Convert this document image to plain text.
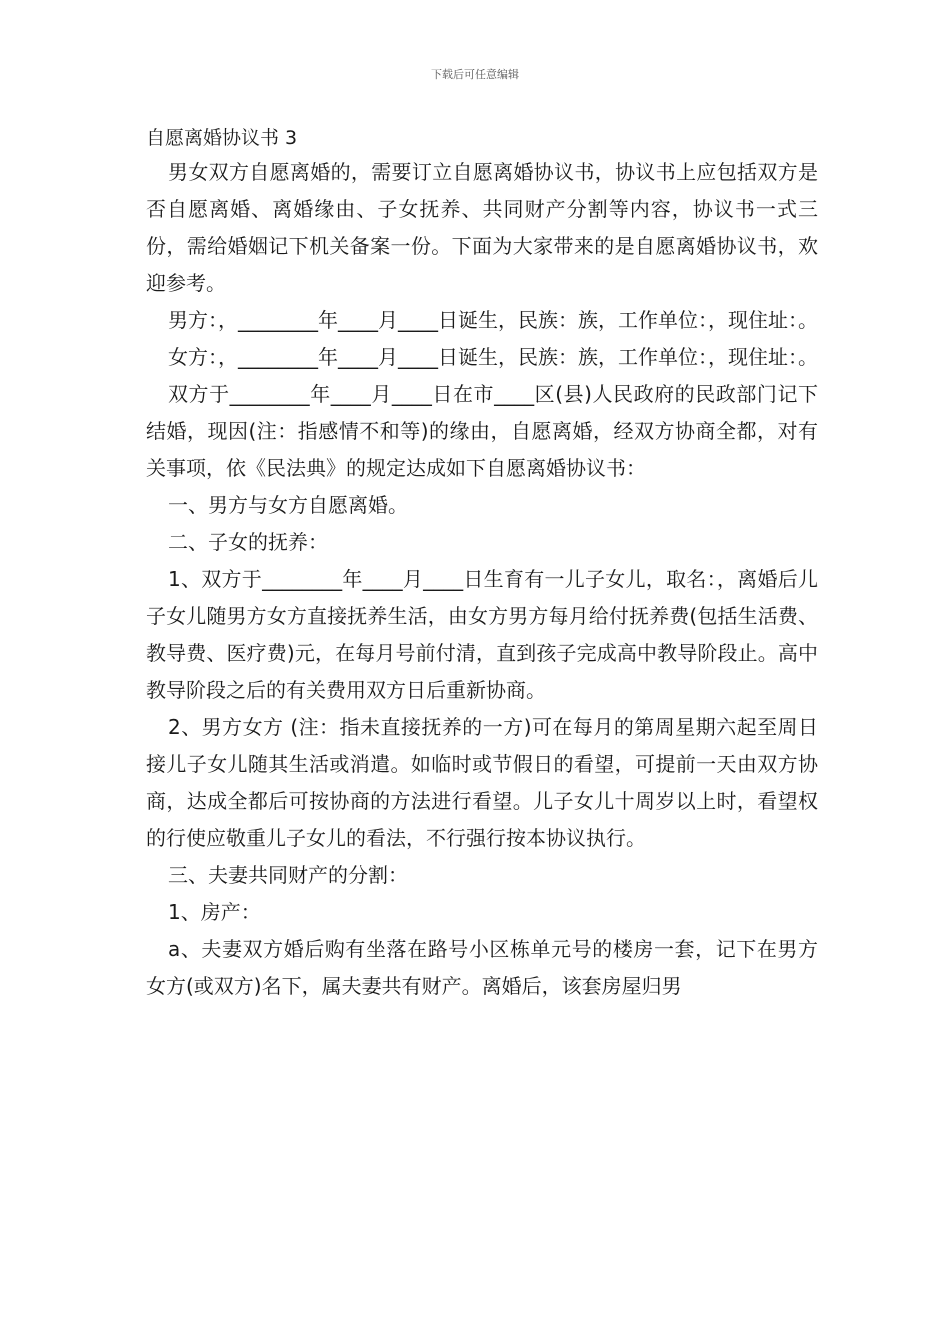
下载后可任意编辑
自愿离婚协议书 3

男女双方自愿离婚的，需要订立自愿离婚协议书，协议书上应包括双方是否自愿离婚、离婚缘由、子女抚养、共同财产分割等内容，协议书一式三份，需给婚姻记下机关备案一份。下面为大家带来的是自愿离婚协议书，欢迎参考。

男方：，________年____月____日诞生，民族：族，工作单位：，现住址：。

女方：，________年____月____日诞生，民族：族，工作单位：，现住址：。

双方于________年____月____日在市____区(县)人民政府的民政部门记下结婚，现因(注：指感情不和等)的缘由，自愿离婚，经双方协商全都，对有关事项，依《民法典》的规定达成如下自愿离婚协议书：

一、男方与女方自愿离婚。

二、子女的抚养：

1、双方于________年____月____日生育有一儿子女儿，取名：，离婚后儿子女儿随男方女方直接抚养生活，由女方男方每月给付抚养费(包括生活费、教导费、医疗费)元，在每月号前付清，直到孩子完成高中教导阶段止。高中教导阶段之后的有关费用双方日后重新协商。

2、男方女方 (注：指未直接抚养的一方)可在每月的第周星期六起至周日接儿子女儿随其生活或消遣。如临时或节假日的看望，可提前一天由双方协商，达成全都后可按协商的方法进行看望。儿子女儿十周岁以上时，看望权的行使应敬重儿子女儿的看法，不行强行按本协议执行。

三、夫妻共同财产的分割：

1、房产：

a、夫妻双方婚后购有坐落在路号小区栋单元号的楼房一套，记下在男方女方(或双方)名下，属夫妻共有财产。离婚后，该套房屋归男
